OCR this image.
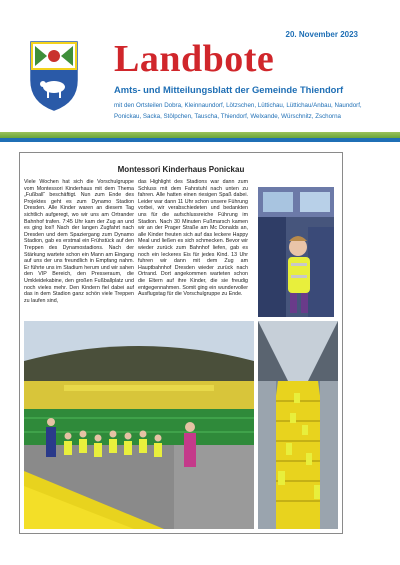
20. November 2023
Landbote
Amts- und Mitteilungsblatt der Gemeinde Thiendorf
mit den Ortsteilen Dobra, Kleinnaundorf, Lötzschen, Lüttichau, Lüttichau/Anbau, Naundorf, Ponickau, Sacka, Stölpchen, Tauscha, Thiendorf, Welxande, Würschnitz, Zschorna
Montessori Kinderhaus Ponickau
Viele Wochen hat sich die Vorschulgruppe vom Montessori Kinderhaus mit dem Thema „Fußball“ beschäftigt. Nun zum Ende des Projektes geht es zum Dynamo Stadion Dresden. Alle Kinder waren an diesem Tag sichtlich aufgeregt, wo wir uns am Ortrander Bahnhof trafen. 7:45 Uhr kam der Zug an und es ging los!! Nach der langen Zugfahrt nach Dresden und dem Spaziergang zum Dynamo Stadion, gab es erstmal ein Frühstück auf den Treppen des Dynamostadions. Nach der Stärkung wartete schon ein Mann am Eingang auf uns der uns freundlich in Empfang nahm. Er führte uns im Stadium herum und wir sahen den VIP Bereich, den Presseraum, die Umkleidekabine, den großen Fußballplatz und noch vieles mehr. Den Kindern fiel dabei auf das in dem Stadion ganz schön viele Treppen zu laufen sind,
das Highlight des Stadions war dann zum Schluss mit dem Fahrstuhl nach unten zu fahren. Alle hatten einen riesigen Spaß dabei. Leider war dann 11 Uhr schon unsere Führung vorbei, wir verabschiedeten und bedankten uns für die aufschlussreiche Führung im Stadion. Nach 30 Minuten Fußmarsch kamen wir an der Prager Straße am Mc Donalds an, alle Kinder freuten sich auf das leckere Happy Meal und ließen es sich schmecken. Bevor wir wieder zurück zum Bahnhof liefen, gab es noch ein leckeres Eis für jedes Kind. 13 Uhr fuhren wir dann mit dem Zug am Hauptbahnhof Dresden wieder zurück nach Ortrand. Dort angekommen warteten schon die Eltern auf ihre Kinder, die sie freudig entgegennahmen. Somit ging ein wundervoller Ausflugstag für die Vorschulgruppe zu Ende.
